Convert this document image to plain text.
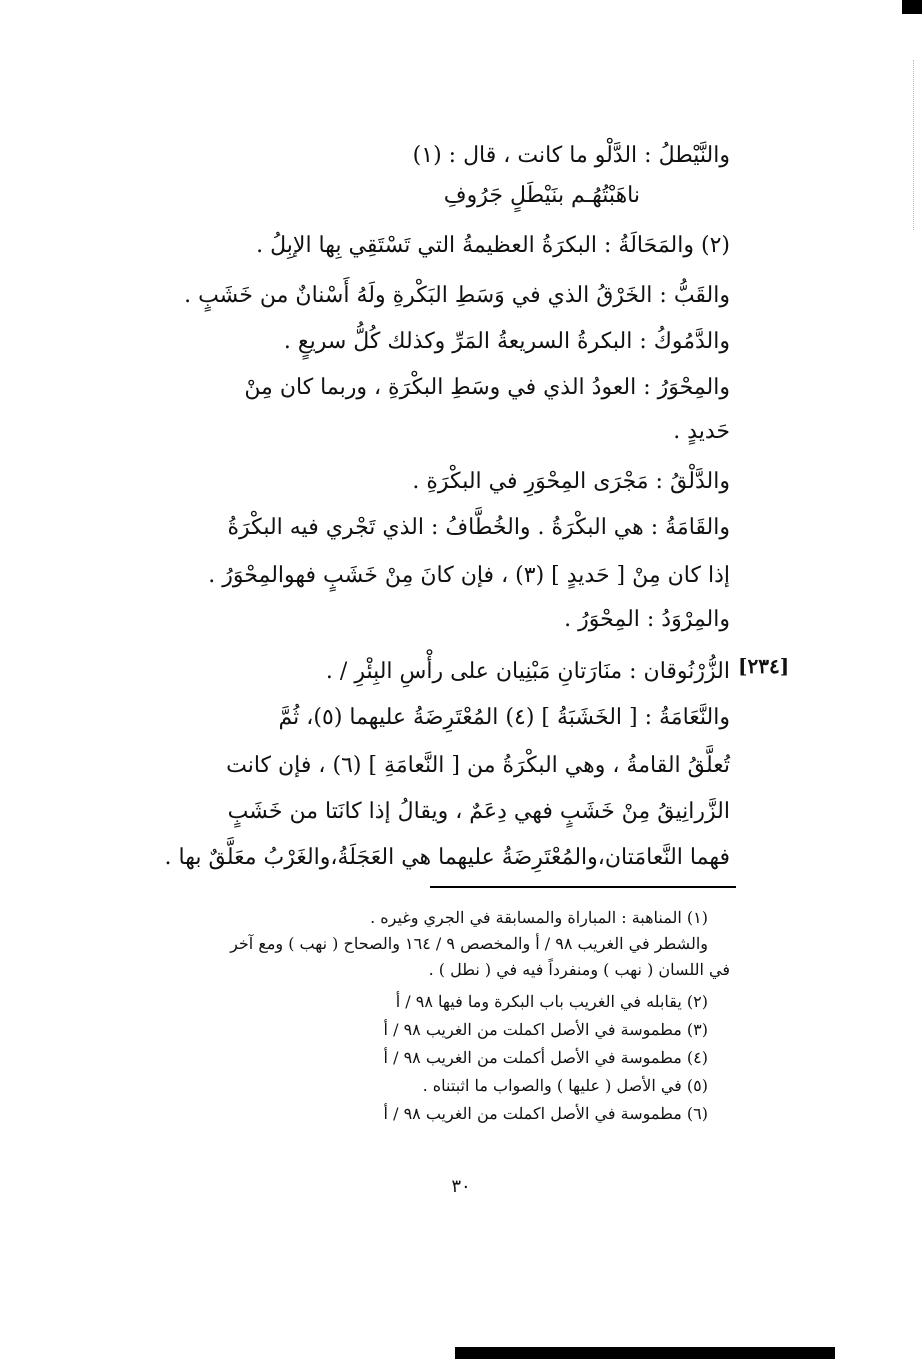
والنَّيْطلُ : الدَّلْو ما كانت ، قال : (١)
ناهَبْتُهُـم بنَيْطَلٍ جَرُوفِ
(٢) والمَحَالَةُ : البكرَةُ العظيمةُ التي تَسْتَقِي بِها الإبِلُ .
والقَبُّ : الخَرْقُ الذي في وَسَطِ البَكْرةِ ولَهُ أَسْنانٌ من خَشَبٍ .
والدَّمُوكُ : البكرةُ السريعةُ المَرِّ وكذلك كُلُّ سريعٍ .
والمِحْوَرُ : العودُ الذي في وسَطِ البكْرَةِ ، وربما كان مِنْ
حَديدٍ .
والدَّلْقُ : مَجْرَى المِحْوَرِ في البكْرَةِ .
والقَامَةُ : هي البكْرَةُ . والخُطَّافُ : الذي تَجْري فيه البكْرَةُ
إذا كان مِنْ [ حَديدٍ ] (٣) ، فإن كانَ مِنْ خَشَبٍ فهوالمِحْوَرُ .
والمِرْوَدُ : المِحْوَرُ .
الزُّرْنُوقان : منَارَتانِ مَبْنِيان على رأْسِ البِئْرِ / .
والنَّعَامَةُ : [ الخَشَبَةُ ] (٤) المُعْتَرِضَةُ عليهما (٥)، ثُمَّ
تُعلَّقُ القامةُ ، وهي البكْرَةُ من [ النَّعامَةِ ] (٦) ، فإن كانت
الزَّرانِيقُ مِنْ خَشَبٍ فهي دِعَمٌ ، ويقالُ إذا كانَتا من خَشَبٍ
فهما النَّعامَتان،والمُعْتَرِضَةُ عليهما هي العَجَلَةُ،والغَرْبُ معَلَّقٌ بها .
[٢٣٤]
(١) المناهبة : المباراة والمسابقة في الجري وغيره .
والشطر في الغريب ٩٨ / أ والمخصص ٩ / ١٦٤ والصحاح ( نهب ) ومع آخر
في اللسان ( نهب ) ومنفرداً فيه في ( نطل ) .
(٢) يقابله في الغريب باب البكرة وما فيها ٩٨ / أ
(٣) مطموسة في الأصل اكملت من الغريب ٩٨ / أ
(٤) مطموسة في الأصل أكملت من الغريب ٩٨ / أ
(٥) في الأصل ( عليها ) والصواب ما اثبتناه .
(٦) مطموسة في الأصل اكملت من الغريب ٩٨ / أ
٣٠
